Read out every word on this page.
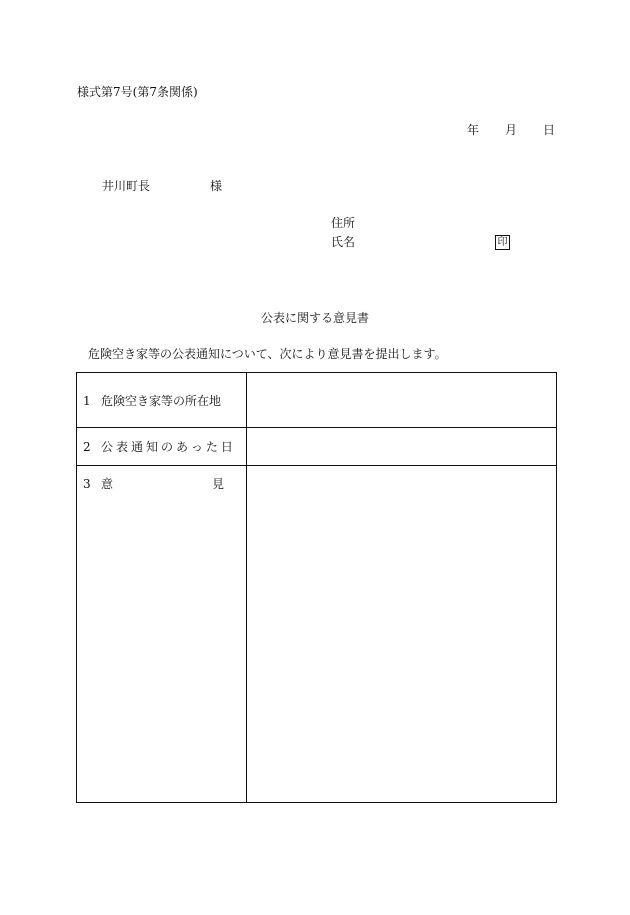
様式第7号(第7条関係)
年 月 日
井川町長	様
住所
氏名	印
公表に関する意見書
危険空き家等の公表通知について、次により意見書を提出します。
1 危険空き家等の所在地	
2 公表通知のあった日	

3 意 見	
